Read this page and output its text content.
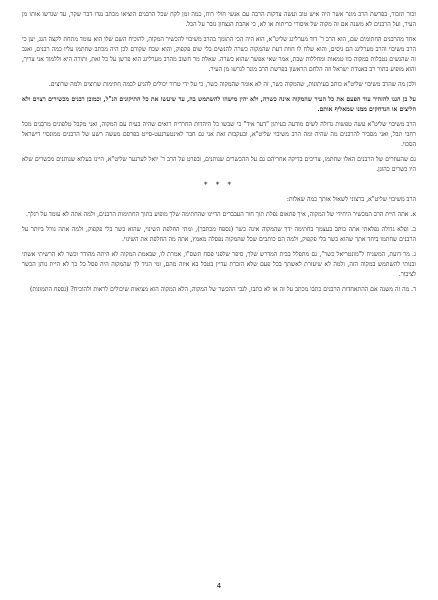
זכור תזכור, בפרשת הרב מונר אשר היה איש טוב ועשה צדקות הרבה עם אנשי חולי רוח, כמה זמן לקח שכל הרבנים הוציאו מכתב נגדו דבר שקר, עד שגרשו אותו מן העיר, ועל הרבנים לא משנה אם זה מקוה של איסורי כריתות או לא, כי אהבת הנצחון גובר על הכל.

אחד מהרבנים החתומים שם, הוא הרב ר' דוד מערליגג שליט"א, הוא היה הכי התומך בהרב משיבוי להכשיר המקוה, להוכיח השם שלו הוא עומד מתחת לקצה הגג, יען כי הרב משיבוי והרב מערליגג הם גיסים, והוא שלח לו חוות דעת שהמקוה כשרה להנשים בלי שום פקפוק, והוא שכח שקודם לכן היה מכתב שחתמו עליו כמה רבנים, ואגב זה שהנשים נטבלות במקוה כזו טמאות ומחללות שבת, אמר שאי אפשר שהוא כשרה. שאלת מר חשוב מהרב מערליגג הוא פרשן על כל זאת, ותורה היא וללמוד אני צריך, והוא מופיע בתור רב באגודת ישראל וזה הלחם הראשון בפרשת הרב מונר לגרשו מן העיר.

ולכן מה שהרב משיבוי שליט"א כותב בעיתונות, שהמקוה כשר, זה לא אומר שהמקוה כשר, כי על ידי טרור יכולים להגיע לכמה חתימות שרוצים ולמה שרוצים.

על כן הננו להזהיר עוד הפעם את כל העיר שהמקוה אינה כשרה, ולא יהין מישהו להשתמש בה, עד שיעשו את כל התיקונים הנ"ל, וכמובן רבנים מכשירים רצוים ולא הליצים או הנדחקים ממנו שמאליף אותם.

הרב משיבוי שליט"א עשה טפשות גדולה לשים מודעה בעיתון "דער איד" כי שבשו כל היהדות החרדית רואים שהיה בעית עם המקוה, ואני מקבל טלפונים מרבנים מכל רחבי תבל, ואני מסביר להרבנים מה שהיה ומה הרב משיבוי שליט"א, ובעקבות זאת אני גם חבר לאינטערנעט-סייט בפרסם מעשה רשע של הרבנים ממונסיי דישראל הסכוי.

גם שהעוזרים של הרבנים האלו שחתמו, צריכים בדיקה אחריהם גם על ההכשרים שנותנים, ובפרט על הרב ר' יואל לערנער שליט"א, היינו בעלוא שנותנים מכשרים שלא היו כשרים כהוגן.

* * *

הרב משיבוי שליט"א, ברצוני לשאול אותך כמה שאלות:

א. אתה היית הרב המכשיר היחידי של המקוה, איך פתאום נפלת תוך חור העבברים הדיינו שהחתימה שלך מופיע בתוך החתימות הרבנים, ולמה אתה לא עומד על רגלך.

ב. ופלא גדולה נפלאתי אתה כותב בעצמך בחתימה ידך שהמקוה אינה כשר (נספח מכתבך), ומתי החלפת השינוי, שהוא כשר בלי פקפוק, ולמה אתה גורל ביותר על הרבנים שחתמו ביחד אתך שהוא כשר בלי פקפוק, ולמה הם כותבים שכל שהמקוה נפסלה מאמץ, אתה מה החלפת את השינוי.

ג. מר דועת, המשגיח ל"מונטריאל כשר", גם מתפלל בבית המדרש שלך, סיפר שלפני פסח תשס"ו, אמרת לו, שבאמת המקוה לא היתה מהודר וכשר לא הרשיתי אשתי ובנותי להשתמש במקוה הזה, ולמה לא שיעזרת לאשתך בכל פעם שלא הזכרת עדיין בטבל בא איזה מהם, ומי הגיד לך שהמקוה היה פסל כל כך לא היית נותן הכשר לציבור.

ד. מה זה משנה אם ההתאחדות הרבנים כתבו מכתב על זה או לא כתבו, לגבי ההכשר של המקוה, הלא המקוה הוא מציאות שיכולים לראות ולהוכיח? (נספח התמונות)

4
